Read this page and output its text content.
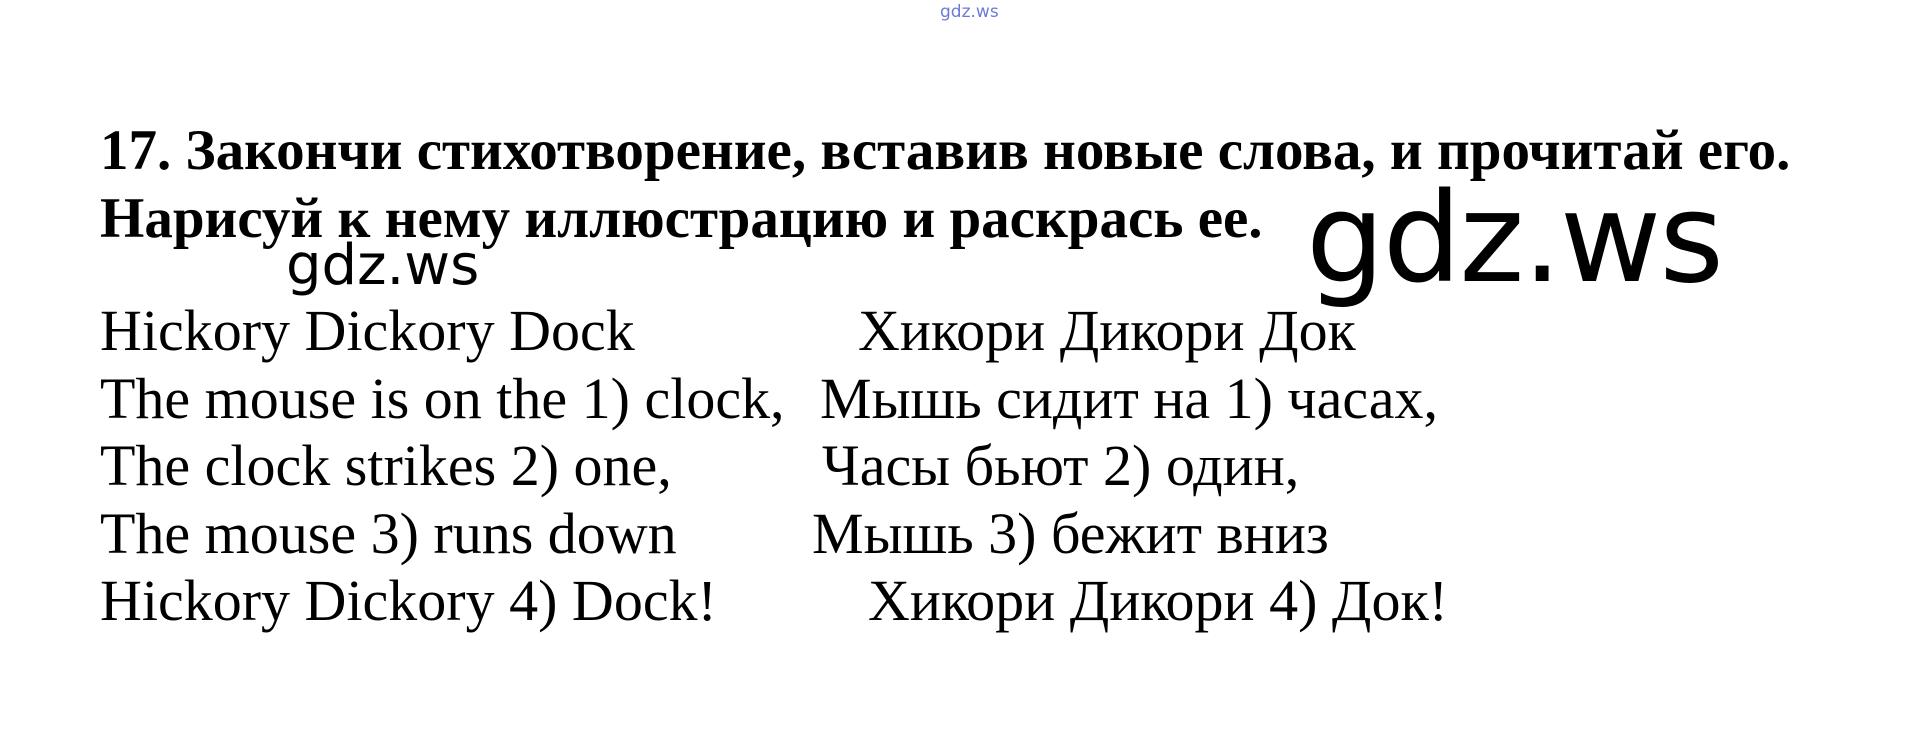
gdz.ws
17. Закончи стихотворение, вставив новые слова, и прочитай его.
Нарисуй к нему иллюстрацию и раскрась ее.
gdz.ws	gdz.ws
Hickory Dickory Dock
The mouse is on the 1) clock,
The clock strikes 2) one,
The mouse 3) runs down
Hickory Dickory 4) Dock!
Хикори Дикори Док
Мышь сидит на 1) часах,
Часы бьют 2) один,
Мышь 3) бежит вниз
Хикори Дикори 4) Док!
